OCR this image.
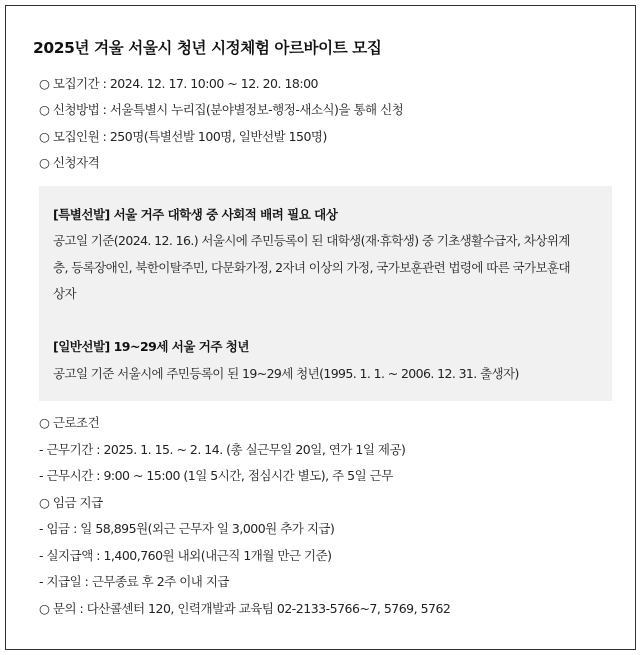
2025년 겨울 서울시 청년 시정체험 아르바이트 모집
○ 모집기간 : 2024. 12. 17. 10:00 ~ 12. 20. 18:00
○ 신청방법 : 서울특별시 누리집(분야별정보-행정-새소식)을 통해 신청
○ 모집인원 : 250명(특별선발 100명, 일반선발 150명)
○ 신청자격
[특별선발] 서울 거주 대학생 중 사회적 배려 필요 대상
공고일 기준(2024. 12. 16.) 서울시에 주민등록이 된 대학생(재·휴학생) 중 기초생활수급자, 차상위계
층, 등록장애인, 북한이탈주민, 다문화가정, 2자녀 이상의 가정, 국가보훈관련 법령에 따른 국가보훈대
상자
[일반선발] 19~29세 서울 거주 청년
공고일 기준 서울시에 주민등록이 된 19~29세 청년(1995. 1. 1. ~ 2006. 12. 31. 출생자)
○ 근로조건
- 근무기간 : 2025. 1. 15. ~ 2. 14. (총 실근무일 20일, 연가 1일 제공)
- 근무시간 : 9:00 ~ 15:00 (1일 5시간, 점심시간 별도), 주 5일 근무
○ 임금 지급
- 임금 : 일 58,895원(외근 근무자 일 3,000원 추가 지급)
- 실지급액 : 1,400,760원 내외(내근직 1개월 만근 기준)
- 지급일 : 근무종료 후 2주 이내 지급
○ 문의 : 다산콜센터 120, 인력개발과 교육팀 02-2133-5766~7, 5769, 5762
